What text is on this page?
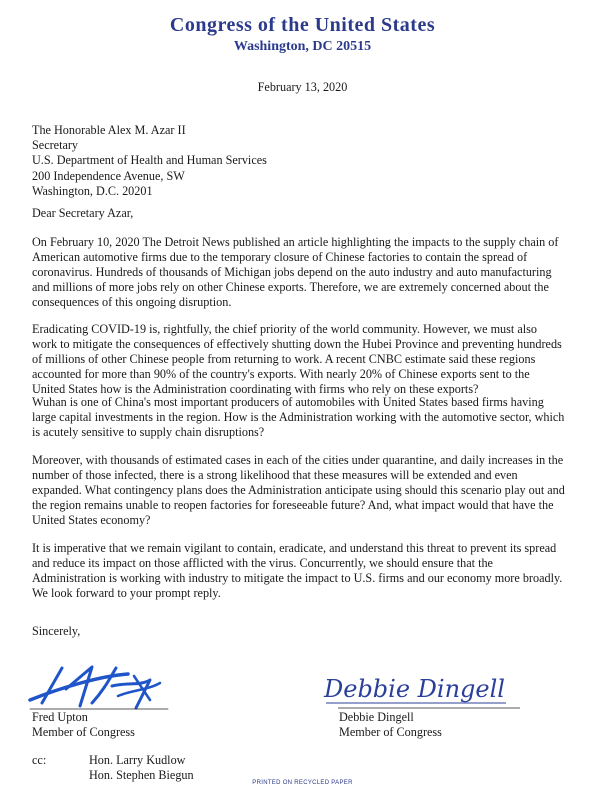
Congress of the United States
Washington, DC 20515
February 13, 2020
The Honorable Alex M. Azar II
Secretary
U.S. Department of Health and Human Services
200 Independence Avenue, SW
Washington, D.C. 20201
Dear Secretary Azar,
On February 10, 2020 The Detroit News published an article highlighting the impacts to the supply chain of
American automotive firms due to the temporary closure of Chinese factories to contain the spread of
coronavirus. Hundreds of thousands of Michigan jobs depend on the auto industry and auto manufacturing
and millions of more jobs rely on other Chinese exports. Therefore, we are extremely concerned about the
consequences of this ongoing disruption.
Eradicating COVID-19 is, rightfully, the chief priority of the world community. However, we must also
work to mitigate the consequences of effectively shutting down the Hubei Province and preventing hundreds
of millions of other Chinese people from returning to work. A recent CNBC estimate said these regions
accounted for more than 90% of the country's exports. With nearly 20% of Chinese exports sent to the
United States how is the Administration coordinating with firms who rely on these exports?
Wuhan is one of China's most important producers of automobiles with United States based firms having
large capital investments in the region. How is the Administration working with the automotive sector, which
is acutely sensitive to supply chain disruptions?
Moreover, with thousands of estimated cases in each of the cities under quarantine, and daily increases in the
number of those infected, there is a strong likelihood that these measures will be extended and even
expanded. What contingency plans does the Administration anticipate using should this scenario play out and
the region remains unable to reopen factories for foreseeable future? And, what impact would that have the
United States economy?
It is imperative that we remain vigilant to contain, eradicate, and understand this threat to prevent its spread
and reduce its impact on those afflicted with the virus. Concurrently, we should ensure that the
Administration is working with industry to mitigate the impact to U.S. firms and our economy more broadly.
We look forward to your prompt reply.
Sincerely,
Debbie Dingell
Fred Upton
Member of Congress
Debbie Dingell
Member of Congress
cc:	Hon. Larry Kudlow
Hon. Stephen Biegun
PRINTED ON RECYCLED PAPER
